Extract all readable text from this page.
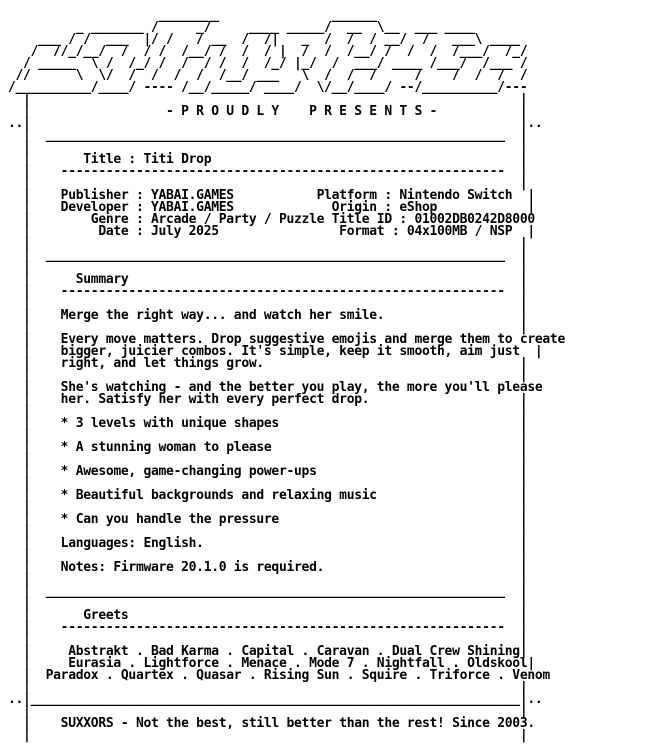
________               ______
_ _______ /     _/     ____ _____/  __  \__  ___ ____
___ / /  ___  |/ /   / __  /  /|   _  /  /  / __/  /   ___\ ____
/  //_/__/  /  / /  /__/ /  /  / |  /  /  /__/ /  /  /  /___/  /_/
/ _____  \ /  /_/ /  /  / /  /  /_/ |_/  /  ___/ ____ /___/  /___ /
//      \  \/  /  /  /  /  /__/ ___   \  /  /  /     /    /  /  /  /
/__________/____/ ---- /__/_____/ ____/  \/__/____/ --/__________/---
|                                                                 |
|                  - P R O U D L Y    P R E S E N T S -           |
..|                                                                 |..
|  _____________________________________________________________  |
|                                                                 |
|       Title : Titi Drop                                         |
|    -----------------------------------------------------------  |
|                                                                 |
|    Publisher : YABAI.GAMES           Platform : Nintendo Switch  |
|    Developer : YABAI.GAMES             Origin : eShop            |
|        Genre : Arcade / Party / Puzzle Title ID : 01002DB0242D8000
|         Date : July 2025                Format : 04x100MB / NSP  |
|                                                                 |
|  _____________________________________________________________  |
|                                                                 |
|      Summary                                                    |
|    -----------------------------------------------------------  |
|                                                                 |
|    Merge the right way... and watch her smile.                  |
|                                                                 |
|    Every move matters. Drop suggestive emojis and merge them to create
|    bigger, juicier combos. It's simple, keep it smooth, aim just  |
|    right, and let things grow.                                  |
|                                                                 |
|    She's watching - and the better you play, the more you'll please
|    her. Satisfy her with every perfect drop.                    |
|                                                                 |
|    * 3 levels with unique shapes                                |
|                                                                 |
|    * A stunning woman to please                                 |
|                                                                 |
|    * Awesome, game-changing power-ups                           |
|                                                                 |
|    * Beautiful backgrounds and relaxing music                   |
|                                                                 |
|    * Can you handle the pressure                                |
|                                                                 |
|    Languages: English.                                          |
|                                                                 |
|    Notes: Firmware 20.1.0 is required.                          |
|                                                                 |
|  _____________________________________________________________  |
|                                                                 |
|       Greets                                                    |
|    -----------------------------------------------------------  |
|                                                                 |
|     Abstrakt . Bad Karma . Capital . Caravan . Dual Crew Shining|
|     Eurasia . Lightforce . Menace . Mode 7 . Nightfall . Oldskool|
|  Paradox . Quartex . Quasar . Rising Sun . Squire . Triforce . Venom
|                                                                 |
..|_________________________________________________________________|..
|                                                                 |
|    SUXXORS - Not the best, still better than the rest! Since 2003.
|                                                                 |
